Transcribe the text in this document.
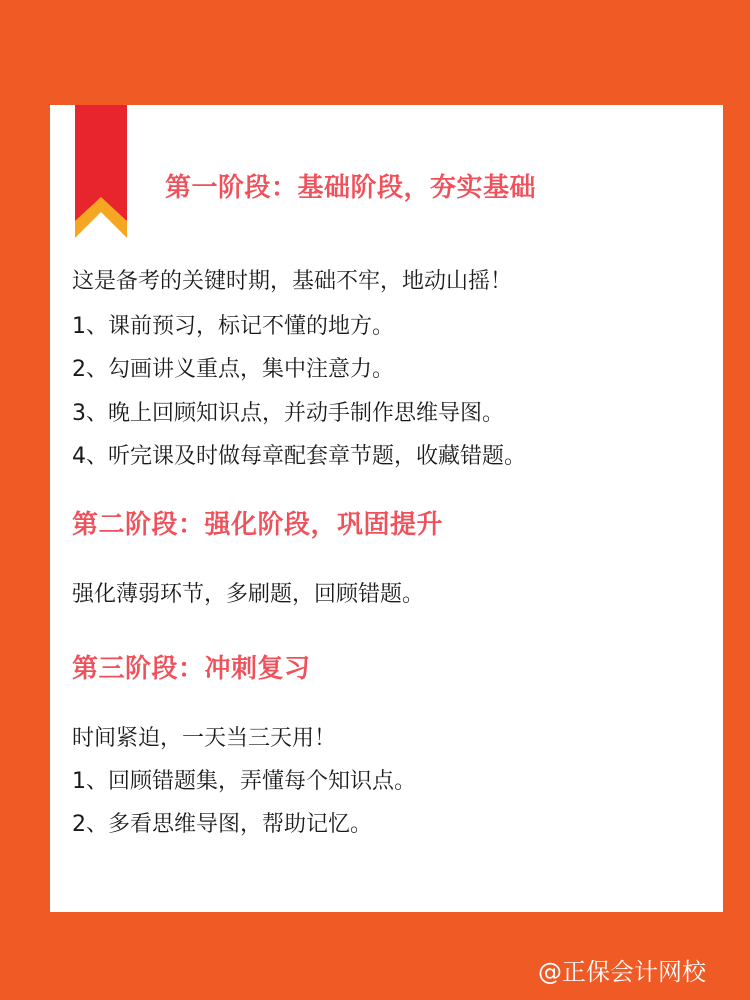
第一阶段：基础阶段，夯实基础
这是备考的关键时期，基础不牢，地动山摇！
1、课前预习，标记不懂的地方。
2、勾画讲义重点，集中注意力。
3、晚上回顾知识点，并动手制作思维导图。
4、听完课及时做每章配套章节题，收藏错题。
第二阶段：强化阶段，巩固提升
强化薄弱环节，多刷题，回顾错题。
第三阶段：冲刺复习
时间紧迫，一天当三天用！
1、回顾错题集，弄懂每个知识点。
2、多看思维导图，帮助记忆。
@正保会计网校
